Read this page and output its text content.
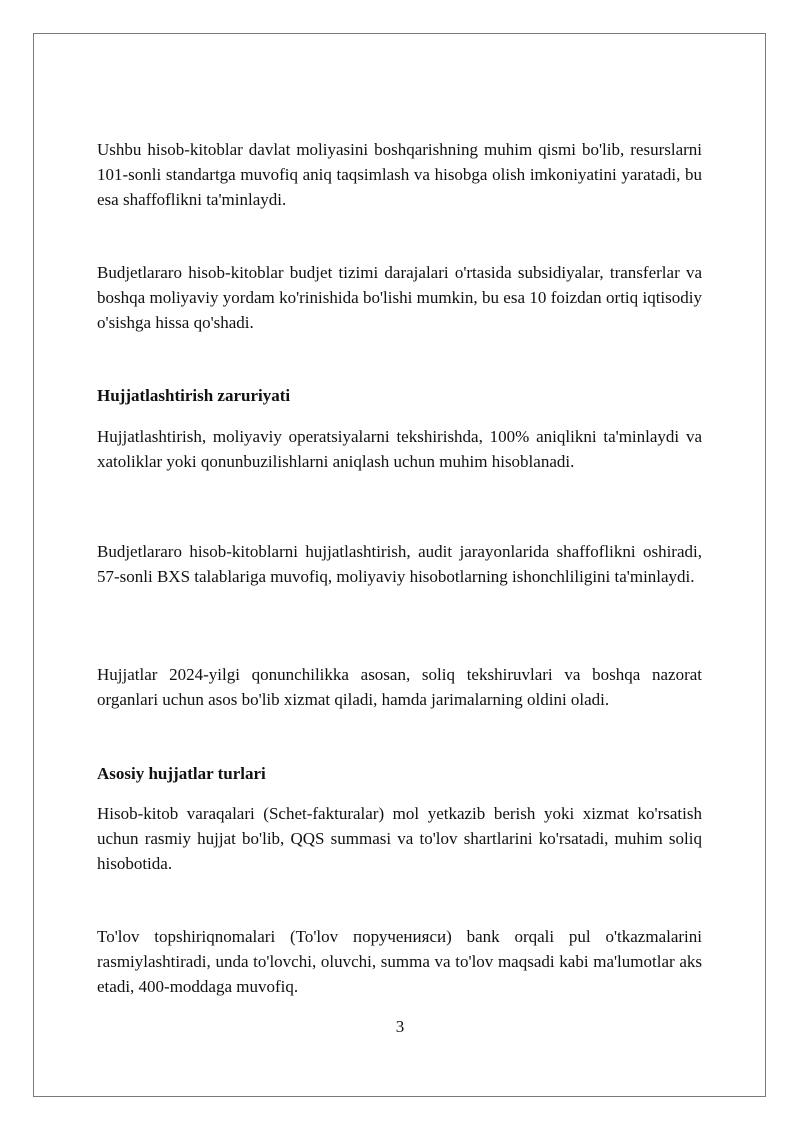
Ushbu hisob-kitoblar davlat moliyasini boshqarishning muhim qismi bo'lib, resurslarni 101-sonli standartga muvofiq aniq taqsimlash va hisobga olish imkoniyatini yaratadi, bu esa shaffoflikni ta'minlaydi.

Budjetlararo hisob-kitoblar budjet tizimi darajalari o'rtasida subsidiyalar, transferlar va boshqa moliyaviy yordam ko'rinishida bo'lishi mumkin, bu esa 10 foizdan ortiq iqtisodiy o'sishga hissa qo'shadi.

Hujjatlashtirish zaruriyati

Hujjatlashtirish, moliyaviy operatsiyalarni tekshirishda, 100% aniqlikni ta'minlaydi va xatoliklar yoki qonunbuzilishlarni aniqlash uchun muhim hisoblanadi.

Budjetlararo hisob-kitoblarni hujjatlashtirish, audit jarayonlarida shaffoflikni oshiradi, 57-sonli BXS talablariga muvofiq, moliyaviy hisobotlarning ishonchliligini ta'minlaydi.

Hujjatlar 2024-yilgi qonunchilikka asosan, soliq tekshiruvlari va boshqa nazorat organlari uchun asos bo'lib xizmat qiladi, hamda jarimalarning oldini oladi.

Asosiy hujjatlar turlari

Hisob-kitob varaqalari (Schet-fakturalar) mol yetkazib berish yoki xizmat ko'rsatish uchun rasmiy hujjat bo'lib, QQS summasi va to'lov shartlarini ko'rsatadi, muhim soliq hisobotida.

To'lov topshiriqnomalari (To'lov порученияси) bank orqali pul o'tkazmalarini rasmiylashtiradi, unda to'lovchi, oluvchi, summa va to'lov maqsadi kabi ma'lumotlar aks etadi, 400-moddaga muvofiq.

3
